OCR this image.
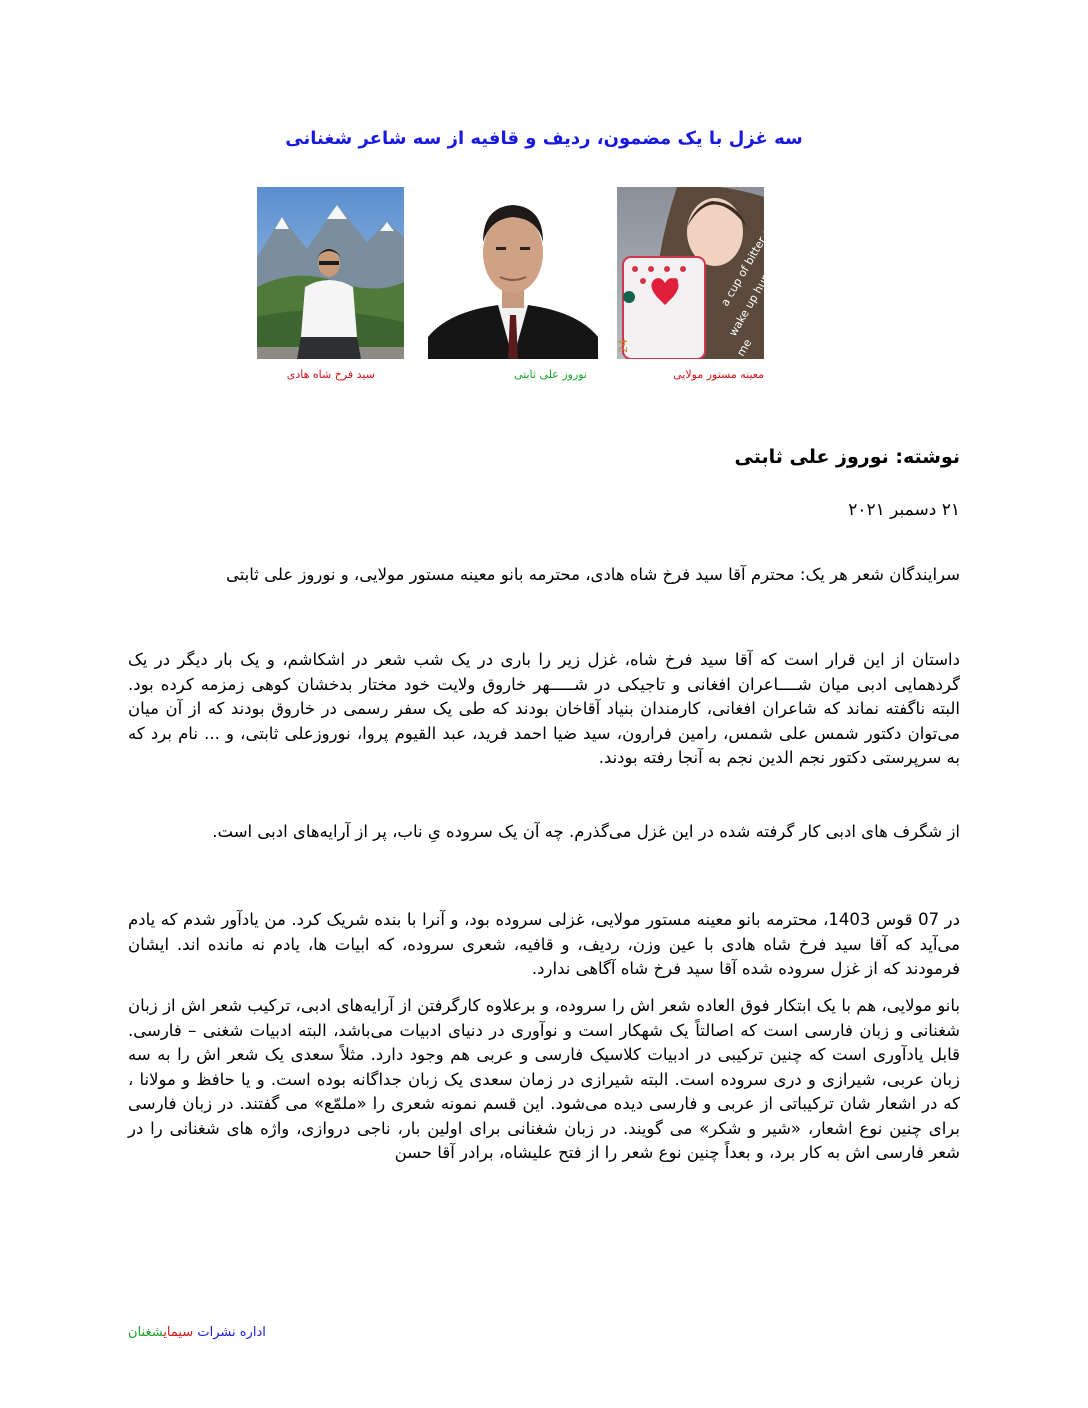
سه غزل با یک مضمون، ردیف و قافیه از سه شاعر شغنانی
me
24
معینه مستور مولایی
نوروز علی ثابتی
سید فرخ شاه هادی
نوشته: نوروز علی ثابتی
۲۱ دسمبر ۲۰۲۱
سرایندگان شعر هر یک: محترم آقا سید فرخ شاه هادی، محترمه بانو معینه مستور مولایی، و نوروز علی ثابتی
داستان از این قرار است که آقا سید فرخ شاه، غزل زیر را باری در یک شب شعر در اشکاشم، و یک بار دیگر در یک گردهمایی ادبی میان شــــاعران افغانی و تاجیکی در شـــــهر خاروق ولایت خود مختار بدخشان کوهی زمزمه کرده بود. البته ناگفته نماند که شاعران افغانی، کارمندان بنیاد آقاخان بودند که طی یک سفر رسمی در خاروق بودند که از آن میان می‌توان دکتور شمس علی شمس، رامین فرارون، سید ضیا احمد فرید، عبد القیوم پروا، نوروزعلی ثابتی، و ... نام برد که به سرپرستی دکتور نجم الدین نجم به آنجا رفته بودند.
از شگرف های ادبی کار گرفته شده در این غزل می‌گذرم. چه آن یک سروده یِ ناب، پر از آرایه‌های ادبی است.
در 07 قوس 1403، محترمه بانو معینه مستور مولایی، غزلی سروده بود، و آنرا با بنده شریک کرد. من یادآور شدم که یادم می‌آید که آقا سید فرخ شاه هادی با عین وزن، ردیف، و قافیه، شعری سروده، که ابیات ها، یادم نه مانده اند. ایشان فرمودند که از غزل سروده شده آقا سید فرخ شاه آگاهی ندارد.
بانو مولایی، هم با یک ابتکار فوق العاده شعر اش را سروده، و برعلاوه کارگرفتن از آرایه‌های ادبی، ترکیب شعر اش از زبان شغنانی و زبان فارسی است که اصالتاً یک شهکار است و نوآوری در دنیای ادبیات می‌باشد، البته ادبیات شغنی – فارسی. قابل یادآوری است که چنین ترکیبی در ادبیات کلاسیک فارسی و عربی هم وجود دارد. مثلاً سعدی یک شعر اش را به سه زبان عربی، شیرازی و دری سروده است. البته شیرازی در زمان سعدی یک زبان جداگانه بوده است. و یا حافظ و مولانا ، که در اشعار شان ترکیباتی از عربی و فارسی دیده می‌شود. این قسم نمونه شعری را «ملمّع» می گفتند. در زبان فارسی برای چنین نوع اشعار، «شیر و شکر» می گویند. در زبان شغنانی برای اولین بار، ناجی دروازی، واژه های شغنانی را در شعر فارسی اش به کار برد، و بعداً چنین نوع شعر را از فتح علیشاه، برادر آقا حسن
اداره نشرات سیمایشغنان
